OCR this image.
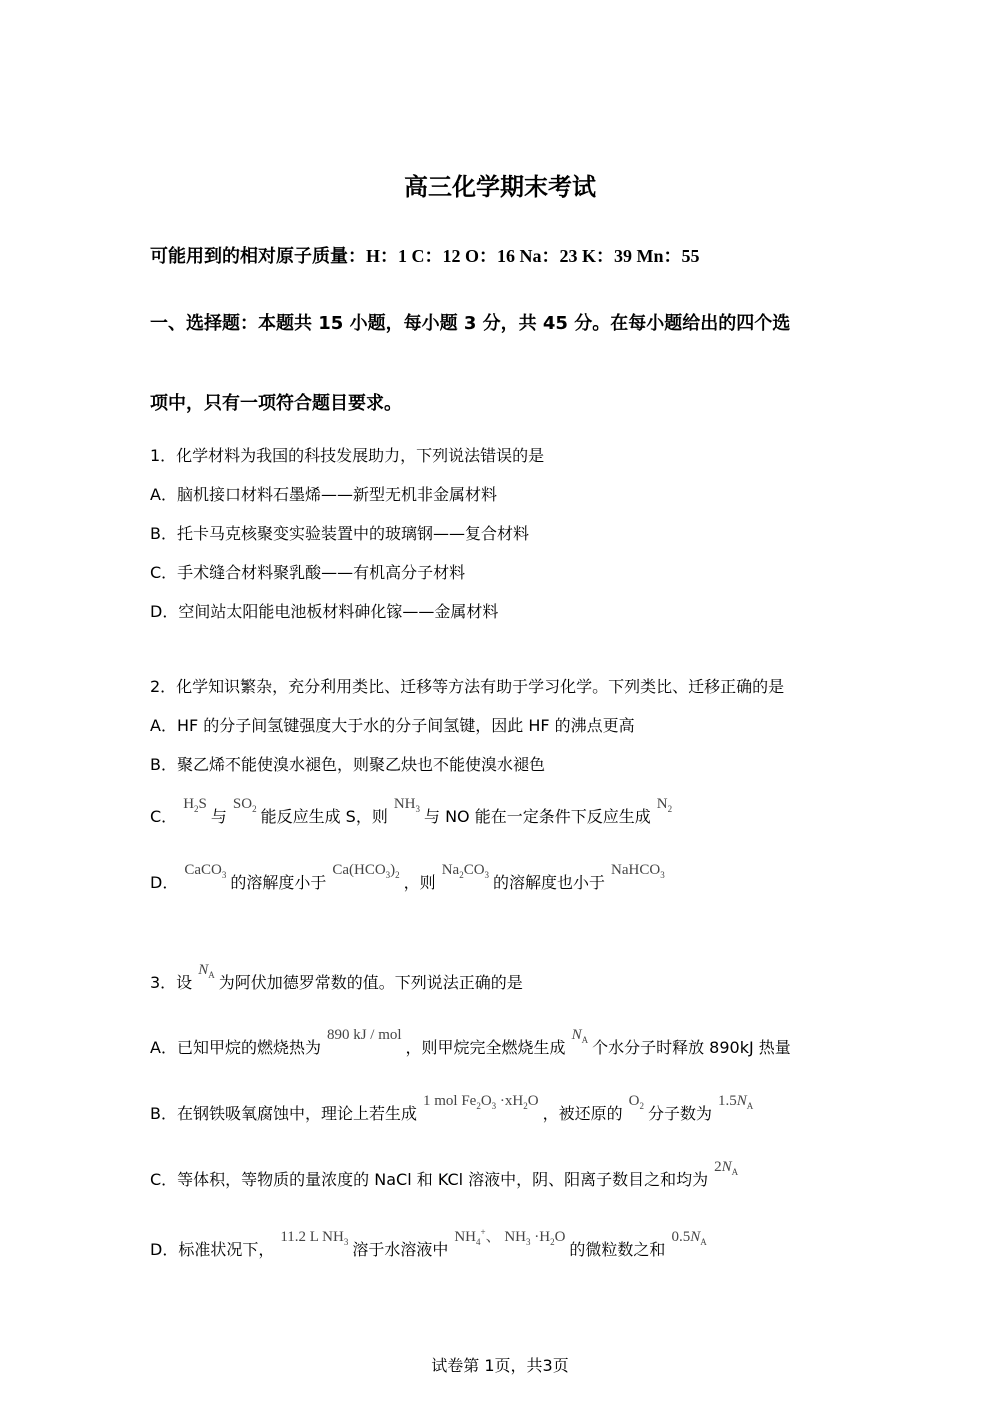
高三化学期末考试
可能用到的相对原子质量：H：1 C：12 O：16 Na：23 K：39 Mn：55
一、选择题：本题共 15 小题，每小题 3 分，共 45 分。在每小题给出的四个选
项中，只有一项符合题目要求。
1．化学材料为我国的科技发展助力，下列说法错误的是
A．脑机接口材料石墨烯——新型无机非金属材料
B．托卡马克核聚变实验装置中的玻璃钢——复合材料
C．手术缝合材料聚乳酸——有机高分子材料
D．空间站太阳能电池板材料砷化镓——金属材料
2．化学知识繁杂，充分利用类比、迁移等方法有助于学习化学。下列类比、迁移正确的是
A．HF 的分子间氢键强度大于水的分子间氢键，因此 HF 的沸点更高
B．聚乙烯不能使溴水褪色，则聚乙炔也不能使溴水褪色
C．$H_2S$与$SO_2$ 能反应生成 S，则$NH_3$ 与 NO 能在一定条件下反应生成$N_2$
D．CaCO$_3$ 的溶解度小于$Ca(HCO_3)_2$ ，则$Na_2CO_3$ 的溶解度也小于NaHCO$_3$
3．设$N_A$ 为阿伏加德罗常数的值。下列说法正确的是
A．已知甲烷的燃烧热为890 kJ / mol，则甲烷完全燃烧生成$N_A$ 个水分子时释放 890kJ 热量
B．在钢铁吸氧腐蚀中，理论上若生成1 mol $Fe_2O_3 \cdot xH_2O$，被还原的$O_2$ 分子数为$1.5N_A$
C．等体积，等物质的量浓度的 NaCl 和 KCl 溶液中，阴、阳离子数目之和均为$2N_A$
D．标准状况下，11.2 L $NH_3$ 溶于水溶液中$NH_4^+$、 $NH_3 \cdot H_2O$的微粒数之和$0.5N_A$
试卷第 1页，共3页
